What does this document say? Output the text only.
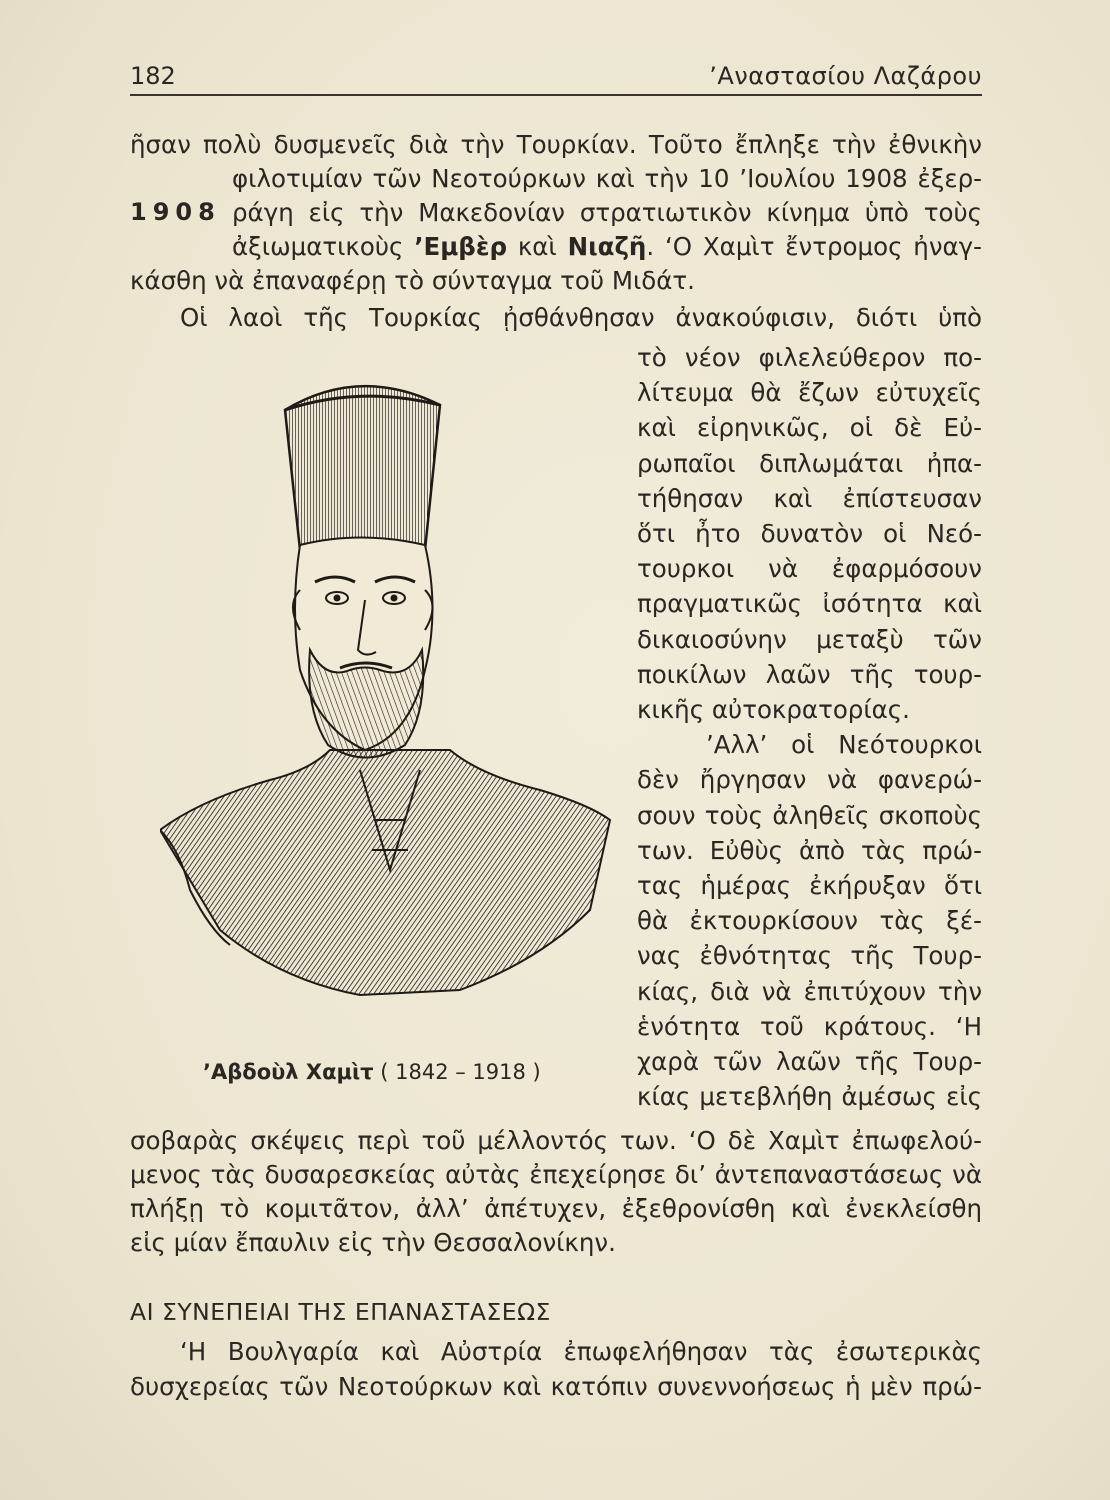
182	’Αναστασίου Λαζάρου
1908
ῆσαν πολὺ δυσμενεῖς διὰ τὴν Τουρκίαν. Τοῦτο ἔπληξε τὴν ἐθνικὴν
φιλοτιμίαν τῶν Νεοτούρκων καὶ τὴν 10 ’Ιουλίου 1908 ἐξερ-
ράγη εἰς τὴν Μακεδονίαν στρατιωτικὸν κίνημα ὑπὸ τοὺς
ἀξιωματικοὺς ’Εμβὲρ καὶ Νιαζῆ. ‘Ο Χαμὶτ ἔντρομος ἠναγ-
κάσθη νὰ ἐπαναφέρῃ τὸ σύνταγμα τοῦ Μιδάτ.
Οἱ λαοὶ τῆς Τουρκίας ᾐσθάνθησαν ἀνακούφισιν, διότι ὑπὸ
τὸ νέον φιλελεύθερον πο-
λίτευμα θὰ ἔζων εὐτυχεῖς
καὶ εἰρηνικῶς, οἱ δὲ Εὐ-
ρωπαῖοι διπλωμάται ἠπα-
τήθησαν καὶ ἐπίστευσαν
ὅτι ἦτο δυνατὸν οἱ Νεό-
τουρκοι νὰ ἐφαρμόσουν
πραγματικῶς ἰσότητα καὶ
δικαιοσύνην μεταξὺ τῶν
ποικίλων λαῶν τῆς τουρ-
κικῆς αὐτοκρατορίας.
’Αλλ’ οἱ Νεότουρκοι
δὲν ἤργησαν νὰ φανερώ-
σουν τοὺς ἀληθεῖς σκοποὺς
των. Εὐθὺς ἀπὸ τὰς πρώ-
τας ἡμέρας ἐκήρυξαν ὅτι
θὰ ἐκτουρκίσουν τὰς ξέ-
νας ἐθνότητας τῆς Τουρ-
κίας, διὰ νὰ ἐπιτύχουν τὴν
ἑνότητα τοῦ κράτους. ‘Η
χαρὰ τῶν λαῶν τῆς Τουρ-
κίας μετεβλήθη ἀμέσως εἰς
σοβαρὰς σκέψεις περὶ τοῦ μέλλοντός των. ‘Ο δὲ Χαμὶτ ἐπωφελού-
μενος τὰς δυσαρεσκείας αὐτὰς ἐπεχείρησε δι’ ἀντεπαναστάσεως νὰ
πλήξῃ τὸ κομιτᾶτον, ἀλλ’ ἀπέτυχεν, ἐξεθρονίσθη καὶ ἐνεκλείσθη
εἰς μίαν ἔπαυλιν εἰς τὴν Θεσσαλονίκην.
ΑΙ ΣΥΝΕΠΕΙΑΙ ΤΗΣ ΕΠΑΝΑΣΤΑΣΕΩΣ
‘Η Βουλγαρία καὶ Αὐστρία ἐπωφελήθησαν τὰς ἐσωτερικὰς
δυσχερείας τῶν Νεοτούρκων καὶ κατόπιν συνεννοήσεως ἡ μὲν πρώ-
’Αβδοὺλ Χαμὶτ ( 1842 – 1918 )
